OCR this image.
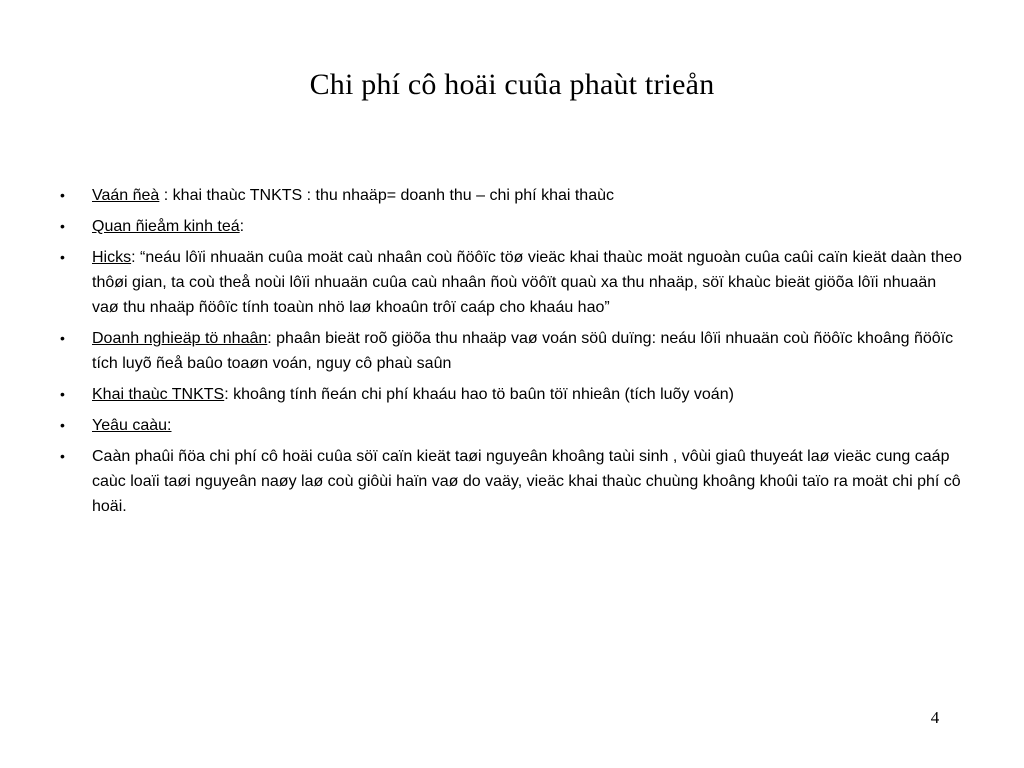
Chi phí cô hoäi cuûa phaùt trieån
•	Vaán ñeà : khai thaùc TNKTS : thu nhaäp= doanh thu – chi phí khai thaùc
•	Quan ñieåm kinh teá:
•	Hicks: “neáu lôïi nhuaän cuûa moät caù nhaân coù ñöôïc töø vieäc khai thaùc moät nguoàn cuûa caûi caïn kieät daàn theo thôøi gian, ta coù theå noùi lôïi nhuaän cuûa caù nhaân ñoù vöôït quaù xa thu nhaäp, söï khaùc bieät giöõa lôïi nhuaän vaø thu nhaäp ñöôïc tính toaùn nhö laø khoaûn trôï caáp cho khaáu hao”
•	Doanh nghieäp tö nhaân: phaân bieät roõ giöõa thu nhaäp vaø voán söû duïng: neáu lôïi nhuaän coù ñöôïc khoâng ñöôïc tích luyõ ñeå baûo toaøn voán, nguy cô phaù saûn
•	Khai thaùc TNKTS: khoâng tính ñeán chi phí khaáu hao tö baûn töï nhieân (tích luõy voán)
•	Yeâu caàu:
•	Caàn phaûi ñöa chi phí cô hoäi cuûa söï caïn kieät taøi nguyeân khoâng taùi sinh , vôùi giaû thuyeát laø vieäc cung caáp caùc loaïi taøi nguyeân naøy laø coù giôùi haïn vaø do vaäy, vieäc khai thaùc chuùng khoâng khoûi taïo ra moät chi phí cô hoäi.
4
